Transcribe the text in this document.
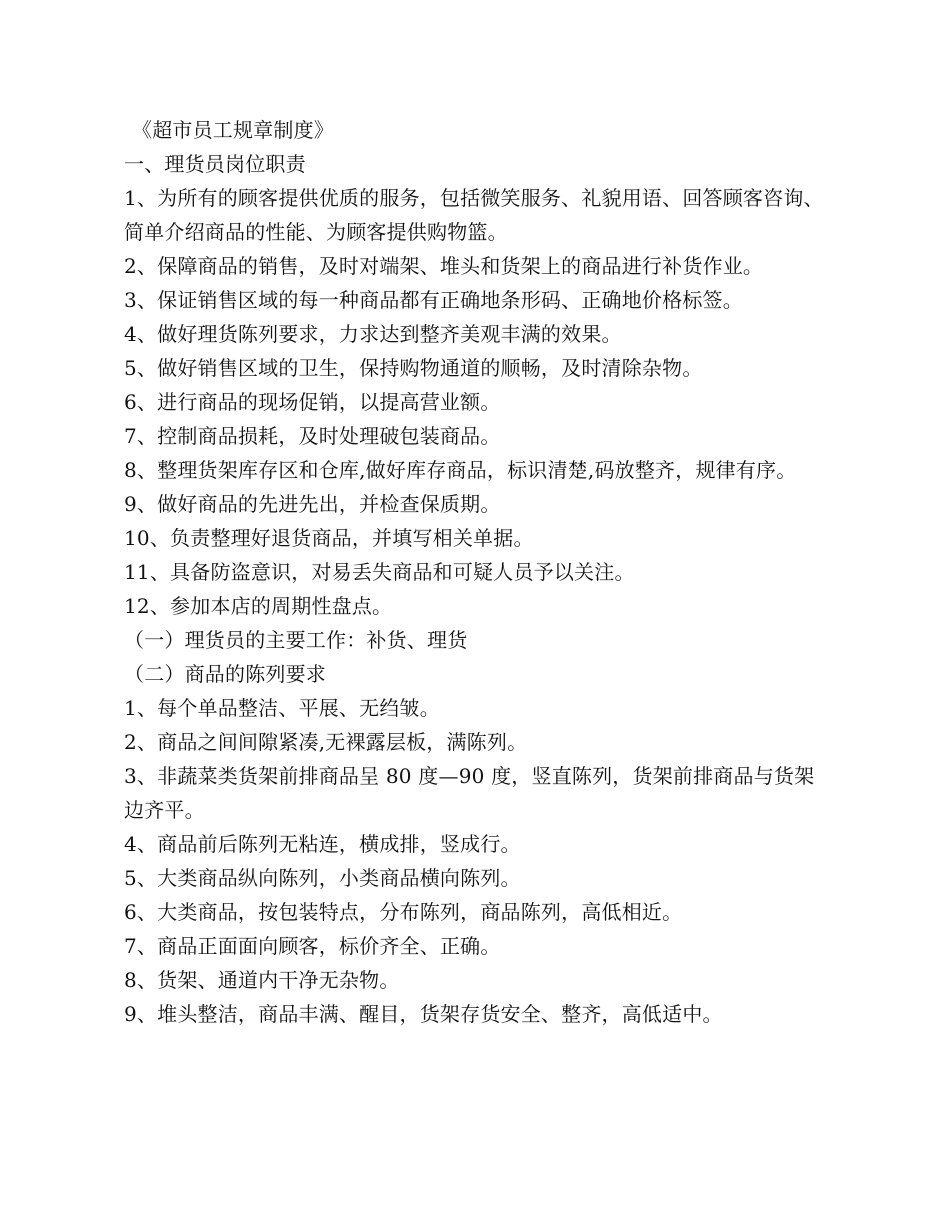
《超市员工规章制度》
一、理货员岗位职责
1、为所有的顾客提供优质的服务，包括微笑服务、礼貌用语、回答顾客咨询、简单介绍商品的性能、为顾客提供购物篮。
2、保障商品的销售，及时对端架、堆头和货架上的商品进行补货作业。
3、保证销售区域的每一种商品都有正确地条形码、正确地价格标签。
4、做好理货陈列要求，力求达到整齐美观丰满的效果。
5、做好销售区域的卫生，保持购物通道的顺畅，及时清除杂物。
6、进行商品的现场促销，以提高营业额。
7、控制商品损耗，及时处理破包装商品。
8、整理货架库存区和仓库,做好库存商品，标识清楚,码放整齐，规律有序。
9、做好商品的先进先出，并检查保质期。
10、负责整理好退货商品，并填写相关单据。
11、具备防盗意识，对易丢失商品和可疑人员予以关注。
12、参加本店的周期性盘点。
（一）理货员的主要工作：补货、理货
（二）商品的陈列要求
1、每个单品整洁、平展、无绉皱。
2、商品之间间隙紧凑,无裸露层板，满陈列。
3、非蔬菜类货架前排商品呈 80 度—90 度，竖直陈列，货架前排商品与货架边齐平。
4、商品前后陈列无粘连，横成排，竖成行。
5、大类商品纵向陈列，小类商品横向陈列。
6、大类商品，按包装特点，分布陈列，商品陈列，高低相近。
7、商品正面面向顾客，标价齐全、正确。
8、货架、通道内干净无杂物。
9、堆头整洁，商品丰满、醒目，货架存货安全、整齐，高低适中。
